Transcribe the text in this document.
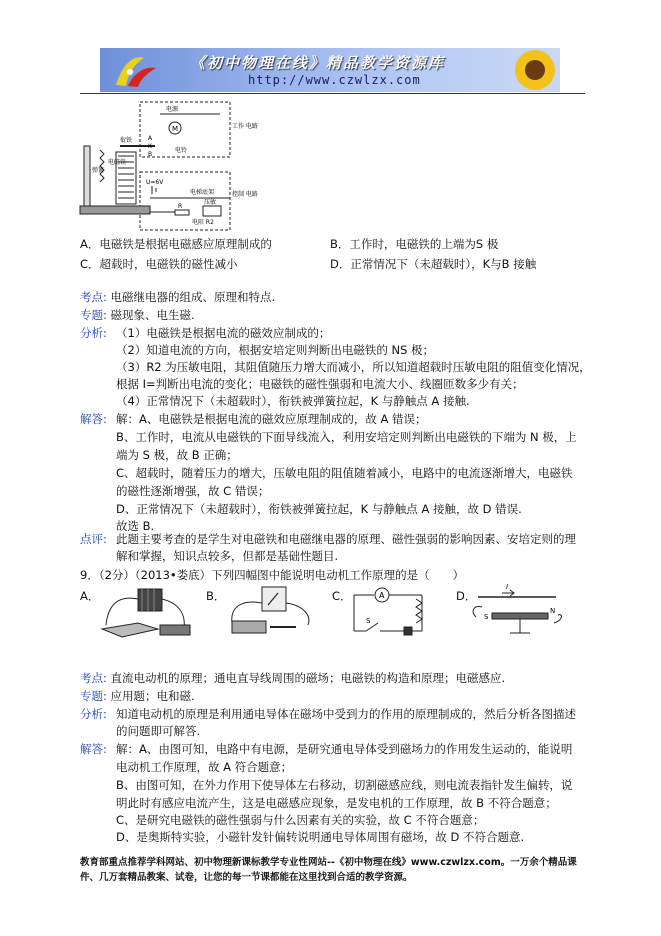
《初中物理在线》精品教学资源库
http://www.czwlzx.com
电源
M	工作 电路
衔铁	A
K
B
电铃
弹簧
电磁铁
U=6V
电梯底架
压敏
R
电阻 R2
控制 电路
A．电磁铁是根据电磁感应原理制成的	B．工作时，电磁铁的上端为S 极
C．超载时，电磁铁的磁性减小	D．正常情况下（未超载时），K与B 接触
考点: 电磁继电器的组成、原理和特点.
专题: 磁现象、电生磁.
分析: （1）电磁铁是根据电流的磁效应制成的；
（2）知道电流的方向，根据安培定则判断出电磁铁的 NS 极；
（3）R2 为压敏电阻，其阻值随压力增大而减小，所以知道超载时压敏电阻的阻值变化情况，
根据 I=判断出电流的变化；电磁铁的磁性强弱和电流大小、线圈匝数多少有关；
（4）正常情况下（未超载时），衔铁被弹簧拉起，K 与静触点 A 接触.
解答: 解：A、电磁铁是根据电流的磁效应原理制成的，故 A 错误；
B、工作时，电流从电磁铁的下面导线流入，利用安培定则判断出电磁铁的下端为 N 极，上
端为 S 极，故 B 正确；
C、超载时，随着压力的增大，压敏电阻的阻值随着减小，电路中的电流逐渐增大，电磁铁
的磁性逐渐增强，故 C 错误；
D、正常情况下（未超载时），衔铁被弹簧拉起，K 与静触点 A 接触，故 D 错误.
故选 B.
点评: 此题主要考查的是学生对电磁铁和电磁继电器的原理、磁性强弱的影响因素、安培定则的理
解和掌握，知识点较多，但都是基础性题目.
9．（2分）（2013•娄底）下列四幅图中能说明电动机工作原理的是（　　）
A．	B．	C．	A
S
D．
I
S
N
考点: 直流电动机的原理；通电直导线周围的磁场；电磁铁的构造和原理；电磁感应.
专题: 应用题；电和磁.
分析: 知道电动机的原理是利用通电导体在磁场中受到力的作用的原理制成的，然后分析各图描述
的问题即可解答.
解答: 解：A、由图可知，电路中有电源，是研究通电导体受到磁场力的作用发生运动的，能说明
电动机工作原理，故 A 符合题意；
B、由图可知，在外力作用下使导体左右移动，切割磁感应线，则电流表指针发生偏转，说
明此时有感应电流产生，这是电磁感应现象，是发电机的工作原理，故 B 不符合题意；
C、是研究电磁铁的磁性强弱与什么因素有关的实验，故 C 不符合题意；
D、是奥斯特实验，小磁针发针偏转说明通电导体周围有磁场，故 D 不符合题意.
教育部重点推荐学科网站、初中物理新课标教学专业性网站--《初中物理在线》www.czwlzx.com。一万余个精品课
件、几万套精品教案、试卷，让您的每一节课都能在这里找到合适的教学资源。
